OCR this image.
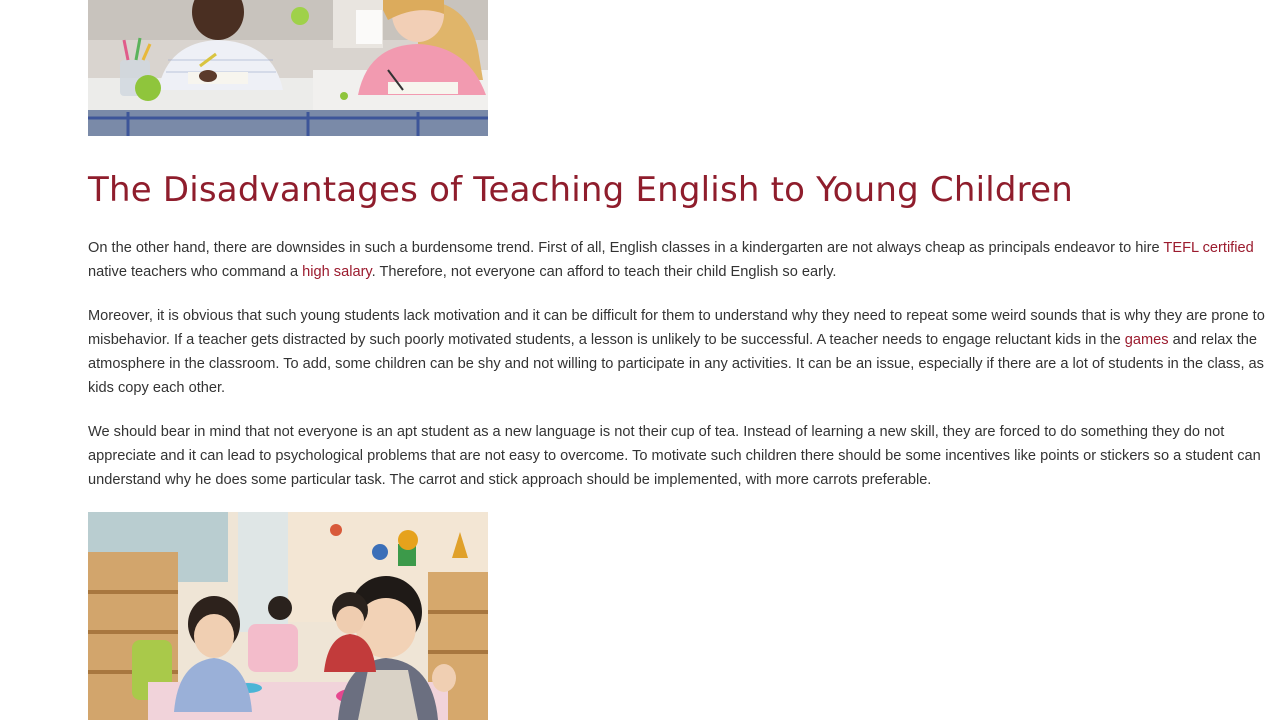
The Disadvantages of Teaching English to Young Children

On the other hand, there are downsides in such a burdensome trend. First of all, English classes in a kindergarten are not always cheap as principals endeavor to hire TEFL certified native teachers who command a high salary. Therefore, not everyone can afford to teach their child English so early.

Moreover, it is obvious that such young students lack motivation and it can be difficult for them to understand why they need to repeat some weird sounds that is why they are prone to misbehavior. If a teacher gets distracted by such poorly motivated students, a lesson is unlikely to be successful. A teacher needs to engage reluctant kids in the games and relax the atmosphere in the classroom. To add, some children can be shy and not willing to participate in any activities. It can be an issue, especially if there are a lot of students in the class, as kids copy each other.

We should bear in mind that not everyone is an apt student as a new language is not their cup of tea. Instead of learning a new skill, they are forced to do something they do not appreciate and it can lead to psychological problems that are not easy to overcome. To motivate such children there should be some incentives like points or stickers so a student can understand why he does some particular task. The carrot and stick approach should be implemented, with more carrots preferable.
